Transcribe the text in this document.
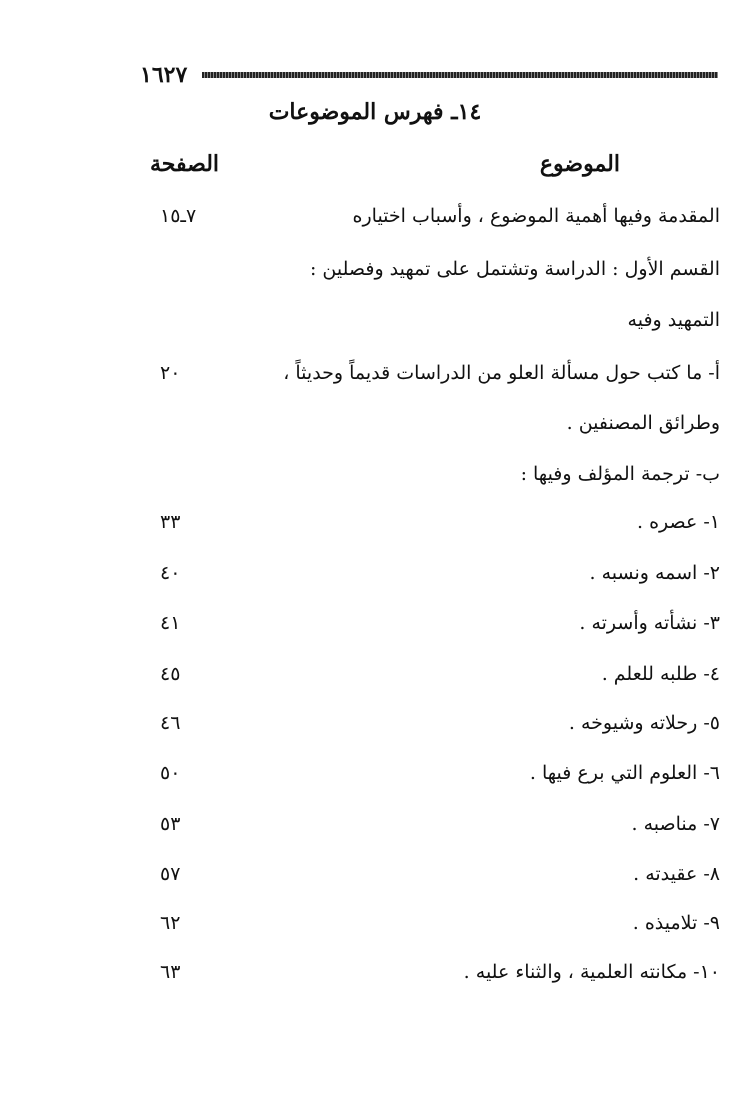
١٦٢٧
١٤ـ فهرس الموضوعات
الموضوع
الصفحة
المقدمة وفيها أهمية الموضوع ، وأسباب اختياره
٧ـ١٥
القسم الأول : الدراسة وتشتمل على تمهيد وفصلين :
التمهيد وفيه
أ- ما كتب حول مسألة العلو من الدراسات قديماً وحديثاً ،
٢٠
وطرائق المصنفين .
ب- ترجمة المؤلف وفيها :
١- عصره .
٣٣
٢- اسمه ونسبه .
٤٠
٣- نشأته وأسرته .
٤١
٤- طلبه للعلم .
٤٥
٥- رحلاته وشيوخه .
٤٦
٦- العلوم التي برع فيها .
٥٠
٧- مناصبه .
٥٣
٨- عقيدته .
٥٧
٩- تلاميذه .
٦٢
١٠- مكانته العلمية ، والثناء عليه .
٦٣
